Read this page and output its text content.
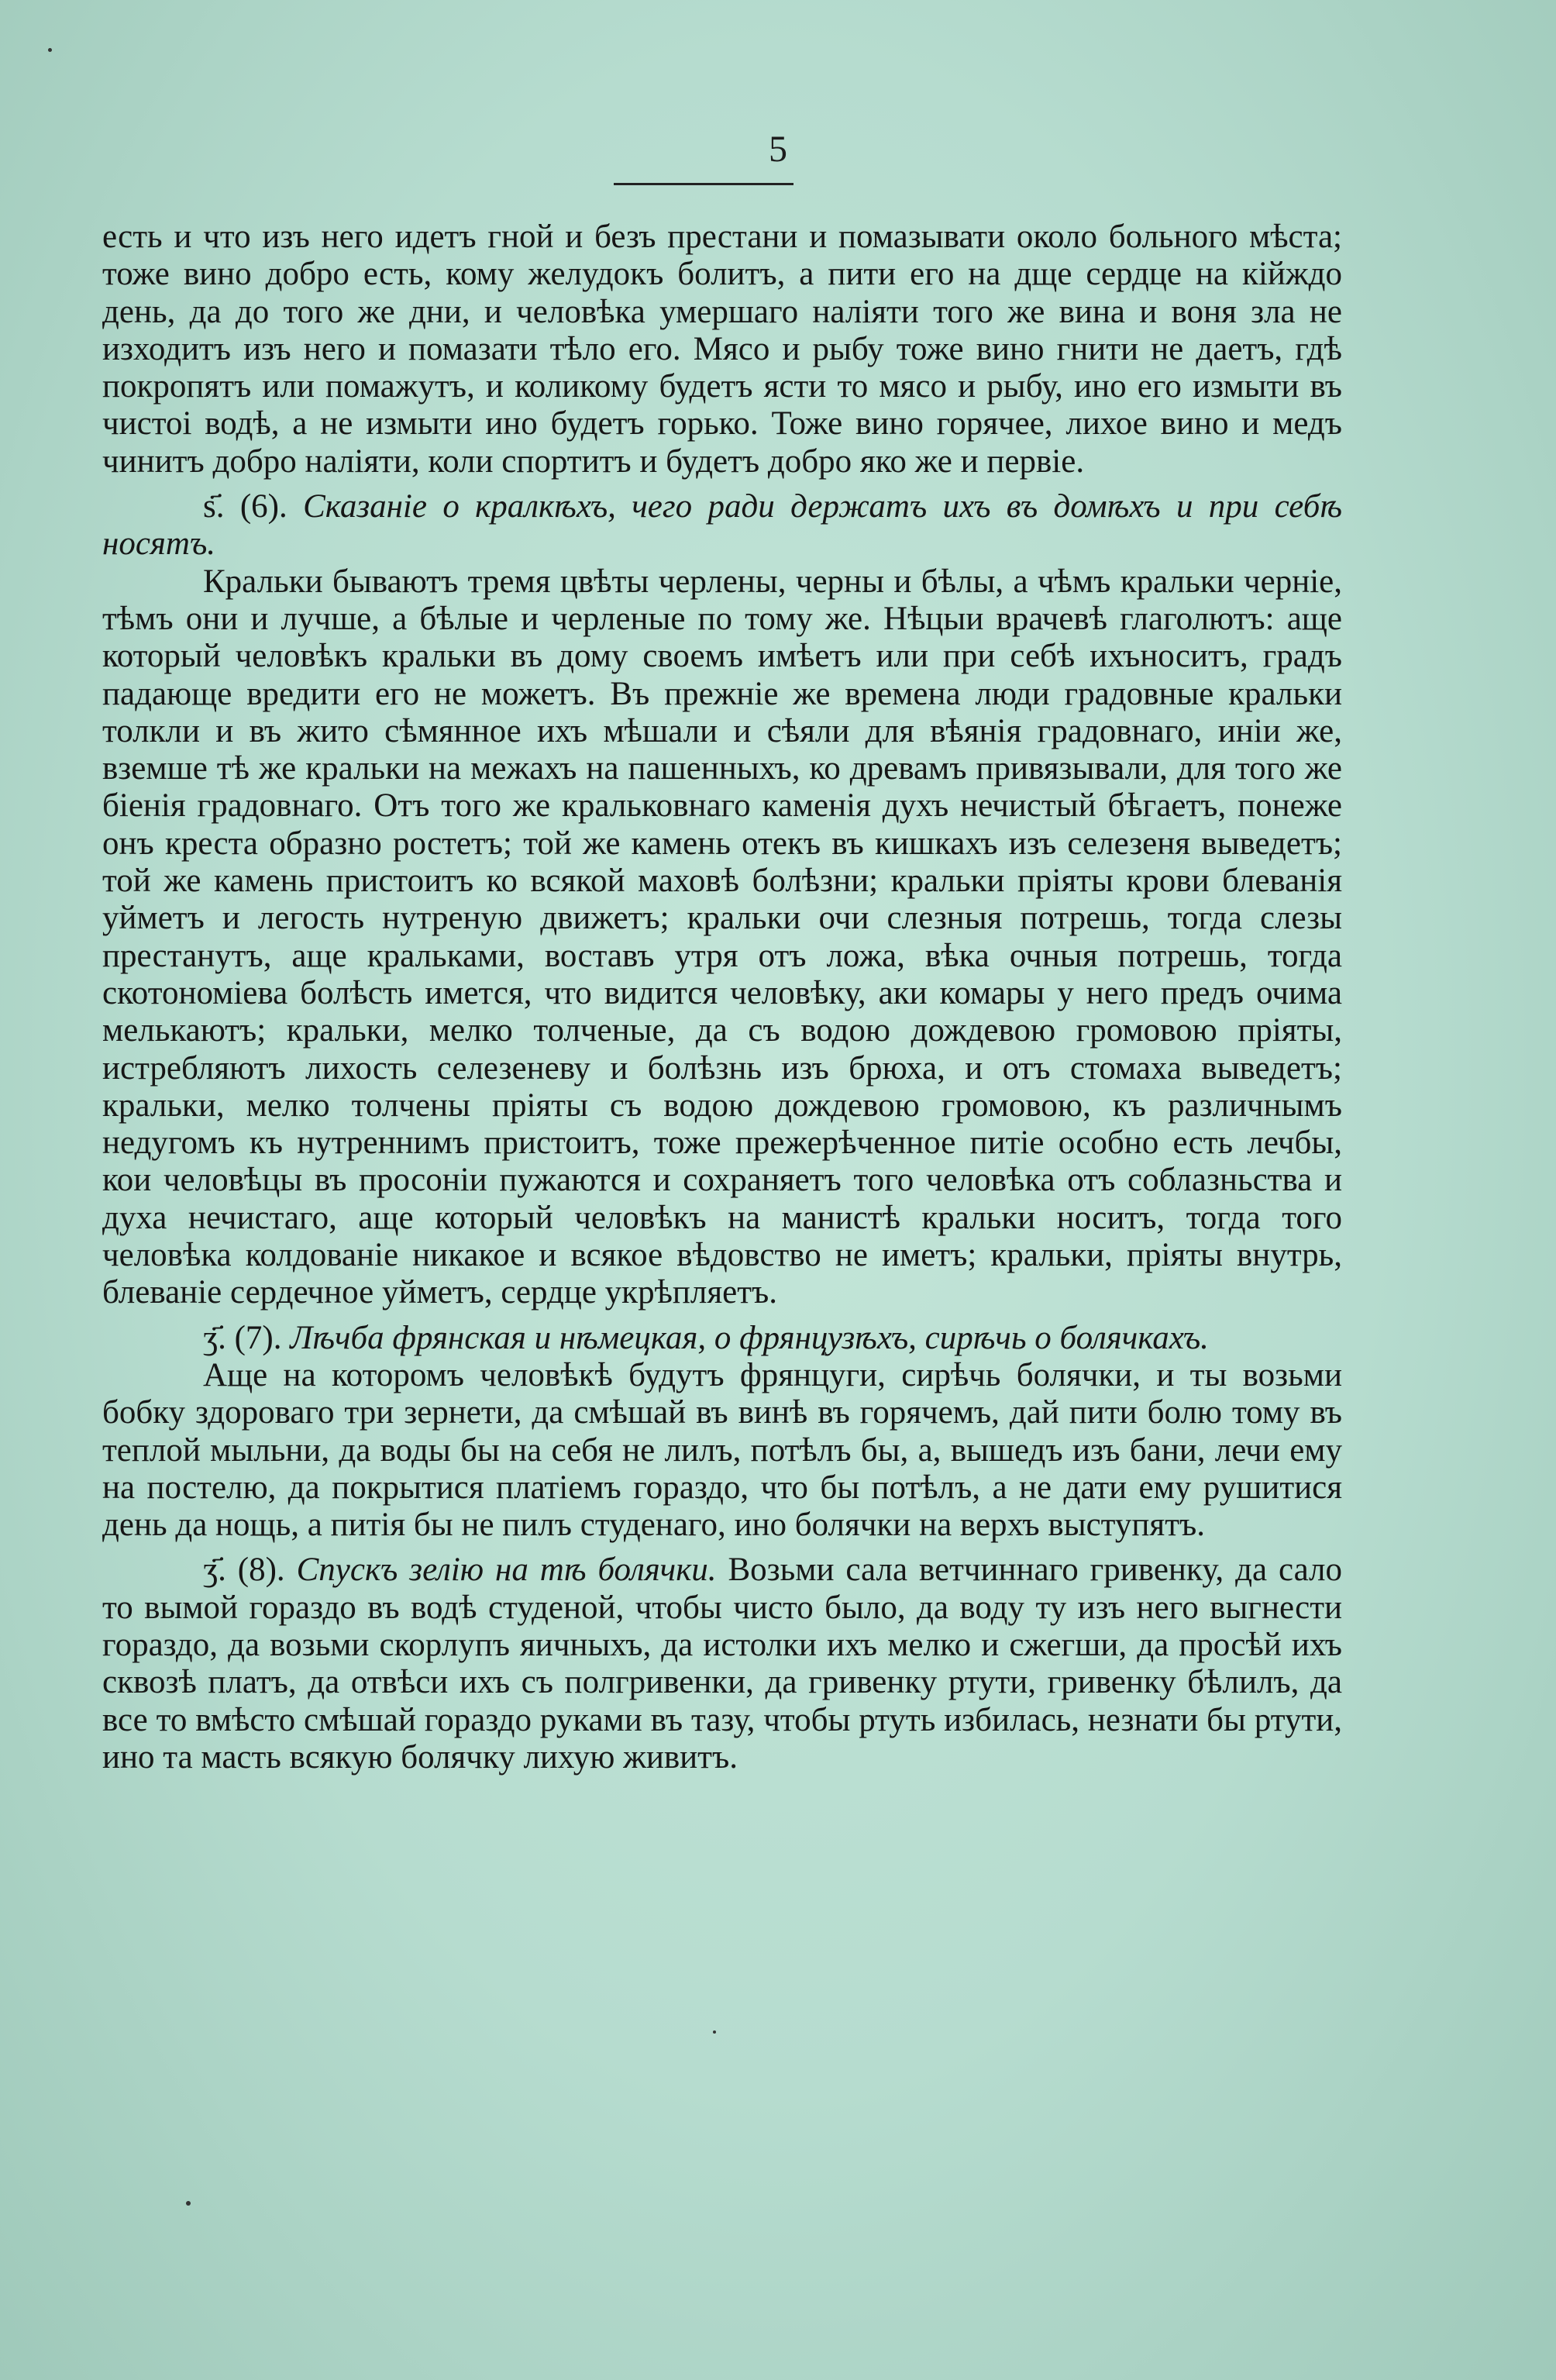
5

есть и что изъ него идетъ гной и безъ престани и помазывати около больного мѣста; тоже вино добро есть, кому желудокъ болитъ, а пити его на дще сердце на кійждо день, да до того же дни, и человѣка умершаго наліяти того же вина и воня зла не изходитъ изъ него и помазати тѣло его. Мясо и рыбу тоже вино гнити не даетъ, гдѣ покропятъ или помажутъ, и коликому будетъ ясти то мясо и рыбу, ино его измыти въ чистоі водѣ, а не измыти ино будетъ горько. Тоже вино горячее, лихое вино и медъ чинитъ добро наліяти, коли спортитъ и будетъ добро яко же и первіе.

ѕ҃. (6). Сказаніе о кралкѣхъ, чего ради держатъ ихъ въ домѣхъ и при себѣ носятъ.

Кральки бываютъ тремя цвѣты черлены, черны и бѣлы, а чѣмъ кральки черніе, тѣмъ они и лучше, а бѣлые и черленые по тому же. Нѣцыи врачевѣ глаголютъ: аще который человѣкъ кральки въ дому своемъ имѣетъ или при себѣ ихъноситъ, градъ падающе вредити его не можетъ. Въ прежніе же времена люди градовные кральки толкли и въ жито сѣмянное ихъ мѣшали и сѣяли для вѣянія градовнаго, иніи же, вземше тѣ же кральки на межахъ на пашенныхъ, ко древамъ привязывали, для того же біенія градовнаго. Отъ того же кральковнаго каменія духъ нечистый бѣгаетъ, понеже онъ креста образно ростетъ; той же камень отекъ въ кишкахъ изъ селезеня выведетъ; той же камень пристоитъ ко всякой маховѣ болѣзни; кральки пріяты крови блеванія уйметъ и легость нутреную движетъ; кральки очи слезныя потрешь, тогда слезы престанутъ, аще кральками, воставъ утря отъ ложа, вѣка очныя потрешь, тогда скотономіева болѣсть имется, что видится человѣку, аки комары у него предъ очима мелькаютъ; кральки, мелко толченые, да съ водою дождевою громовою пріяты, истребляютъ лихость селезеневу и болѣзнь изъ брюха, и отъ стомаха выведетъ; кральки, мелко толчены пріяты съ водою дождевою громовою, къ различнымъ недугомъ къ нутреннимъ пристоитъ, тоже прежерѣченное питіе особно есть лечбы, кои человѣцы въ просоніи пужаются и сохраняетъ того человѣка отъ соблазньства и духа нечистаго, аще который человѣкъ на манистѣ кральки носитъ, тогда того человѣка колдованіе никакое и всякое вѣдовство не иметъ; кральки, пріяты внутрь, блеваніе сердечное уйметъ, сердце укрѣпляетъ.

ʒ҃. (7). Лѣчба фрянская и нѣмецкая, о фрянцузѣхъ, сирѣчь о болячкахъ.

Аще на которомъ человѣкѣ будутъ фрянцуги, сирѣчь болячки, и ты возьми бобку здороваго три зернети, да смѣшай въ винѣ въ горячемъ, дай пити болю тому въ теплой мыльни, да воды бы на себя не лилъ, потѣлъ бы, а, вышедъ изъ бани, лечи ему на постелю, да покрытися платіемъ гораздо, что бы потѣлъ, а не дати ему рушитися день да нощь, а питія бы не пилъ студенаго, ино болячки на верхъ выступятъ.

ӡ҃. (8). Спускъ зелію на тѣ болячки. Возьми сала ветчиннаго гривенку, да сало то вымой гораздо въ водѣ студеной, чтобы чисто было, да воду ту изъ него выгнести гораздо, да возьми скорлупъ яичныхъ, да истолки ихъ мелко и сжегши, да просѣй ихъ сквозѣ платъ, да отвѣси ихъ съ полгривенки, да гривенку ртути, гривенку бѣлилъ, да все то вмѣсто смѣшай гораздо руками въ тазу, чтобы ртуть избилась, незнати бы ртути, ино та масть всякую болячку лихую живитъ.
